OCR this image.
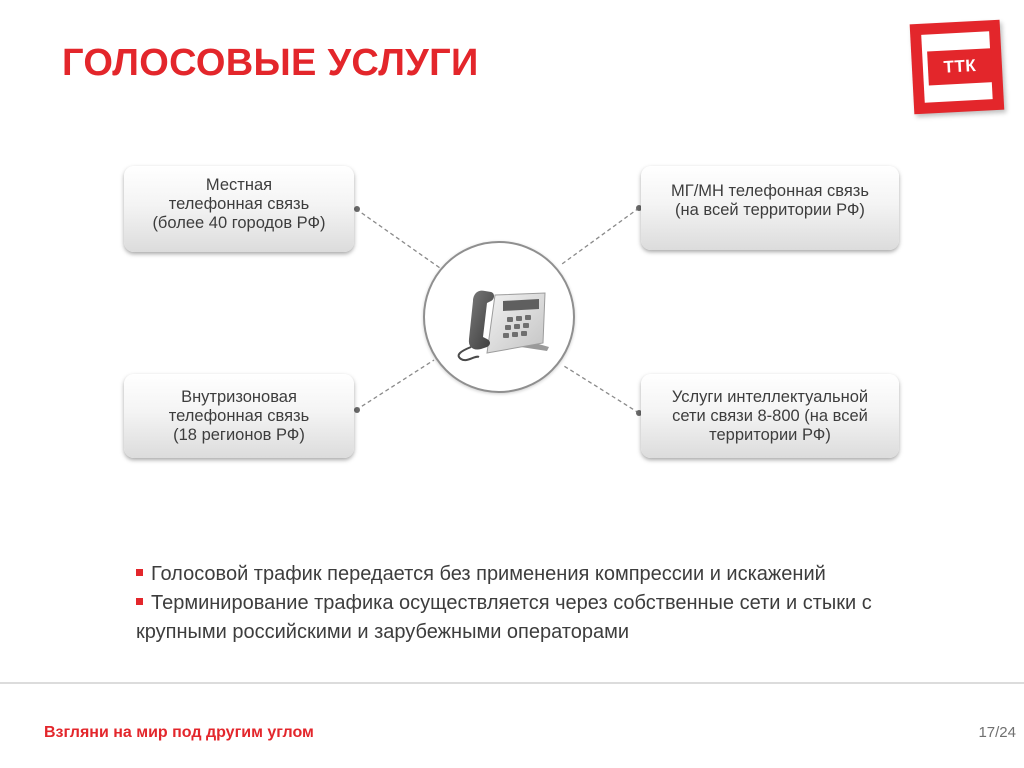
ГОЛОСОВЫЕ УСЛУГИ	ТТК
Местная
телефонная связь
(более 40 городов РФ)
МГ/МН телефонная связь
(на всей территории РФ)
Внутризоновая
телефонная связь
(18 регионов РФ)
Услуги интеллектуальной
сети связи 8-800 (на всей
территории РФ)
Голосовой трафик передается без применения компрессии и искажений
Терминирование трафика осуществляется через собственные сети и стыки с крупными российскими и зарубежными операторами
Взгляни на мир под другим углом	17/24
